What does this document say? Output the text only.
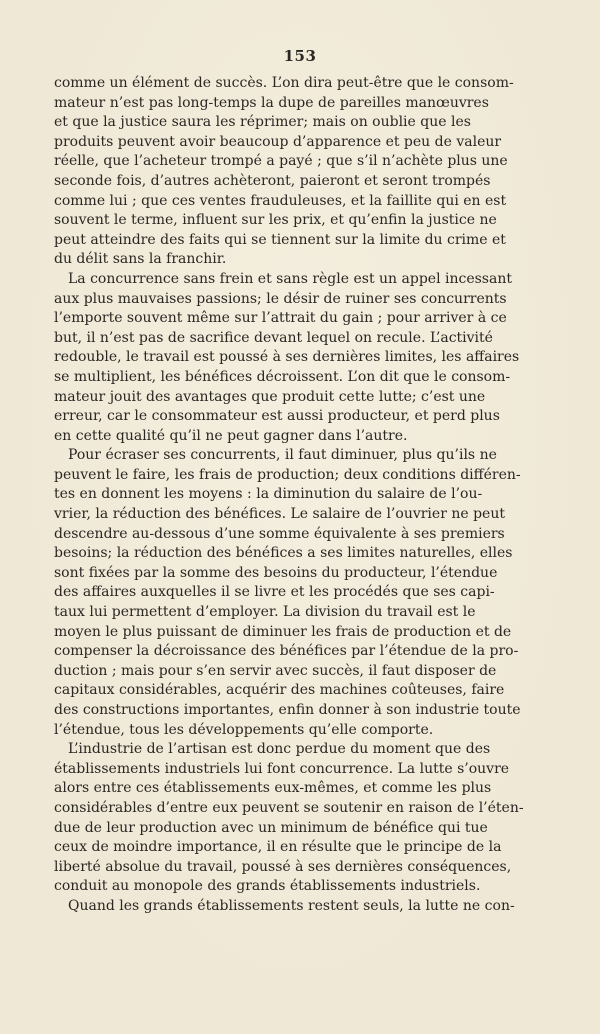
153
comme un élément de succès. L’on dira peut-être que le consom-
mateur n’est pas long-temps la dupe de pareilles manœuvres
et que la justice saura les réprimer; mais on oublie que les
produits peuvent avoir beaucoup d’apparence et peu de valeur
réelle, que l’acheteur trompé a payé ; que s’il n’achète plus une
seconde fois, d’autres achèteront, paieront et seront trompés
comme lui ; que ces ventes frauduleuses, et la faillite qui en est
souvent le terme, influent sur les prix, et qu’enfin la justice ne
peut atteindre des faits qui se tiennent sur la limite du crime et
du délit sans la franchir.
La concurrence sans frein et sans règle est un appel incessant
aux plus mauvaises passions; le désir de ruiner ses concurrents
l’emporte souvent même sur l’attrait du gain ; pour arriver à ce
but, il n’est pas de sacrifice devant lequel on recule. L’activité
redouble, le travail est poussé à ses dernières limites, les affaires
se multiplient, les bénéfices décroissent. L’on dit que le consom-
mateur jouit des avantages que produit cette lutte; c’est une
erreur, car le consommateur est aussi producteur, et perd plus
en cette qualité qu’il ne peut gagner dans l’autre.
Pour écraser ses concurrents, il faut diminuer, plus qu’ils ne
peuvent le faire, les frais de production; deux conditions différen-
tes en donnent les moyens : la diminution du salaire de l’ou-
vrier, la réduction des bénéfices. Le salaire de l’ouvrier ne peut
descendre au-dessous d’une somme équivalente à ses premiers
besoins; la réduction des bénéfices a ses limites naturelles, elles
sont fixées par la somme des besoins du producteur, l’étendue
des affaires auxquelles il se livre et les procédés que ses capi-
taux lui permettent d’employer. La division du travail est le
moyen le plus puissant de diminuer les frais de production et de
compenser la décroissance des bénéfices par l’étendue de la pro-
duction ; mais pour s’en servir avec succès, il faut disposer de
capitaux considérables, acquérir des machines coûteuses, faire
des constructions importantes, enfin donner à son industrie toute
l’étendue, tous les développements qu’elle comporte.
L’industrie de l’artisan est donc perdue du moment que des
établissements industriels lui font concurrence. La lutte s’ouvre
alors entre ces établissements eux-mêmes, et comme les plus
considérables d’entre eux peuvent se soutenir en raison de l’éten-
due de leur production avec un minimum de bénéfice qui tue
ceux de moindre importance, il en résulte que le principe de la
liberté absolue du travail, poussé à ses dernières conséquences,
conduit au monopole des grands établissements industriels.
Quand les grands établissements restent seuls, la lutte ne con-
